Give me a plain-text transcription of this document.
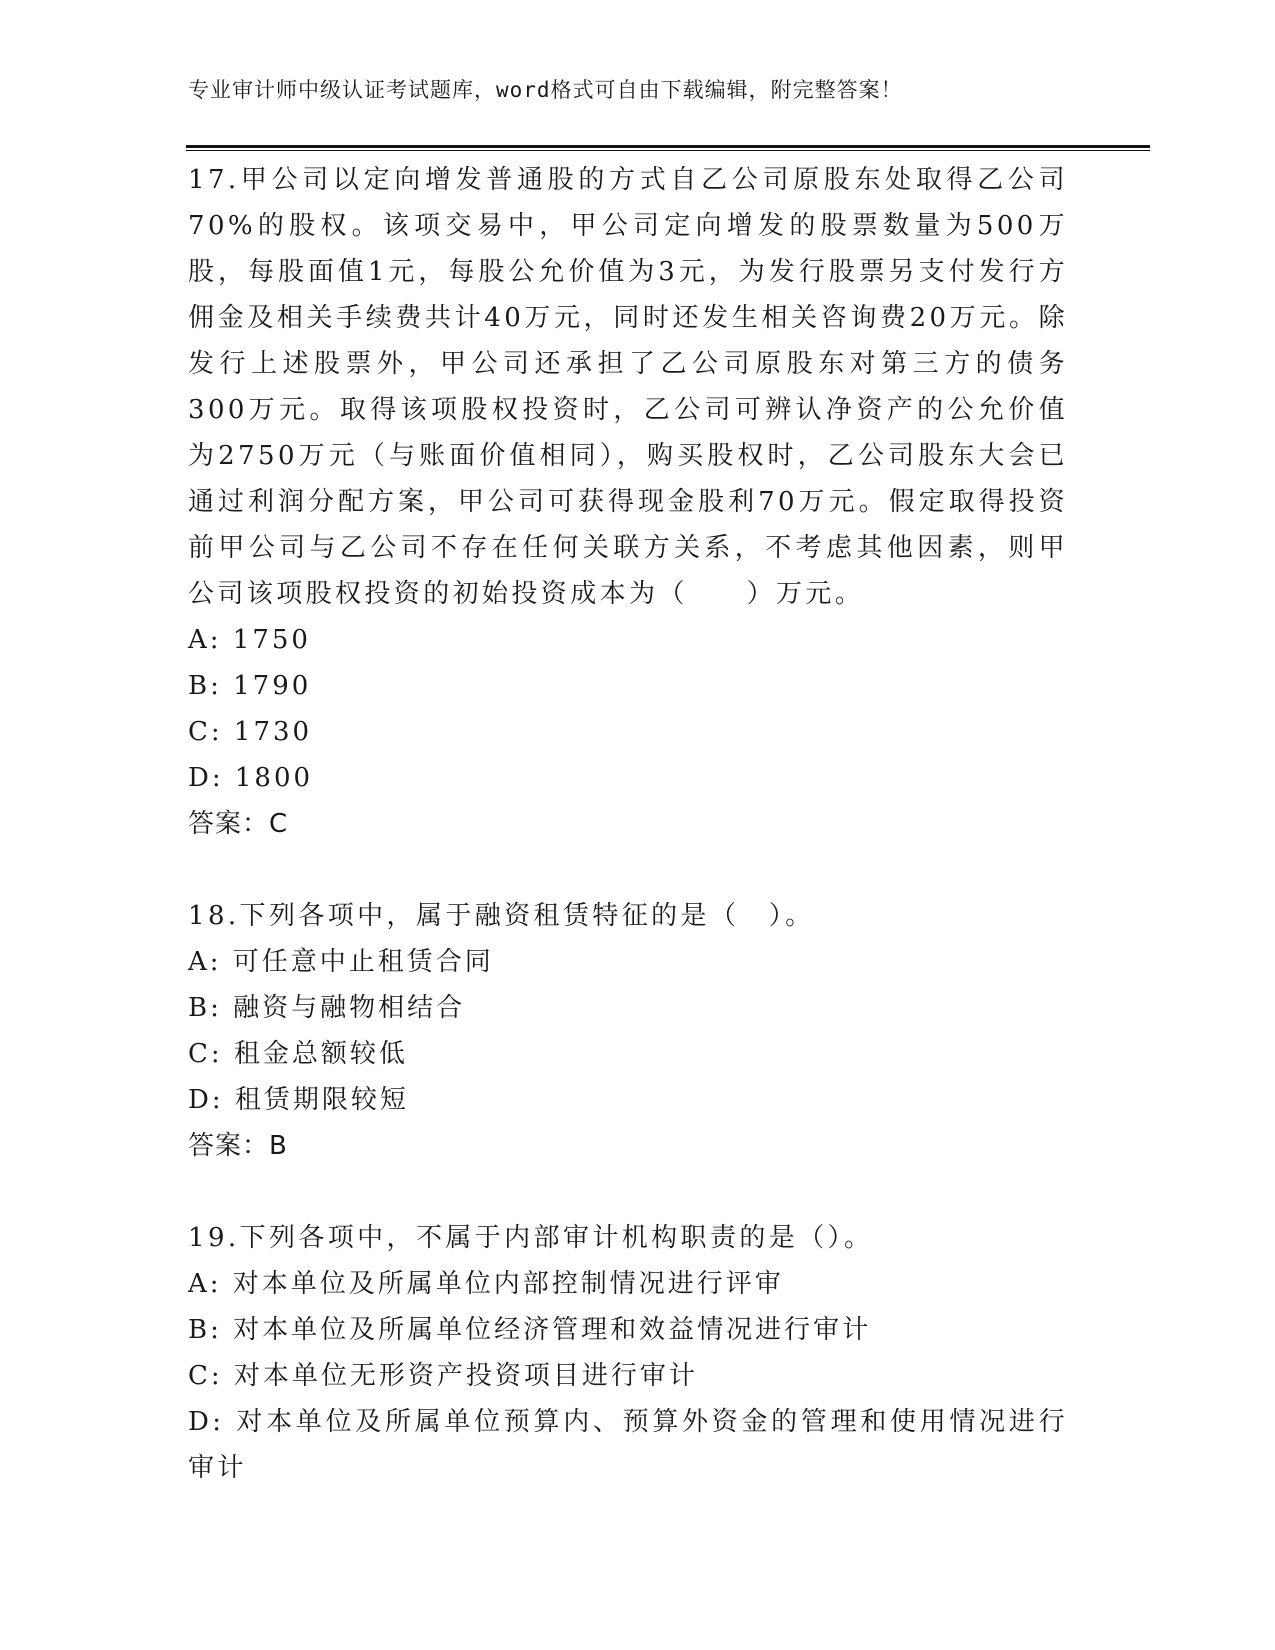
专业审计师中级认证考试题库，word格式可自由下载编辑，附完整答案！

17.甲公司以定向增发普通股的方式自乙公司原股东处取得乙公司70%的股权。该项交易中，甲公司定向增发的股票数量为500万股，每股面值1元，每股公允价值为3元，为发行股票另支付发行方佣金及相关手续费共计40万元，同时还发生相关咨询费20万元。除发行上述股票外，甲公司还承担了乙公司原股东对第三方的债务300万元。取得该项股权投资时，乙公司可辨认净资产的公允价值为2750万元（与账面价值相同），购买股权时，乙公司股东大会已通过利润分配方案，甲公司可获得现金股利70万元。假定取得投资前甲公司与乙公司不存在任何关联方关系，不考虑其他因素，则甲公司该项股权投资的初始投资成本为（　　）万元。

A: 1750

B: 1790

C: 1730

D: 1800

答案：C

18.下列各项中，属于融资租赁特征的是（　）。

A: 可任意中止租赁合同

B: 融资与融物相结合

C: 租金总额较低

D: 租赁期限较短

答案：B

19.下列各项中，不属于内部审计机构职责的是（）。

A: 对本单位及所属单位内部控制情况进行评审

B: 对本单位及所属单位经济管理和效益情况进行审计

C: 对本单位无形资产投资项目进行审计

D: 对本单位及所属单位预算内、预算外资金的管理和使用情况进行审计
